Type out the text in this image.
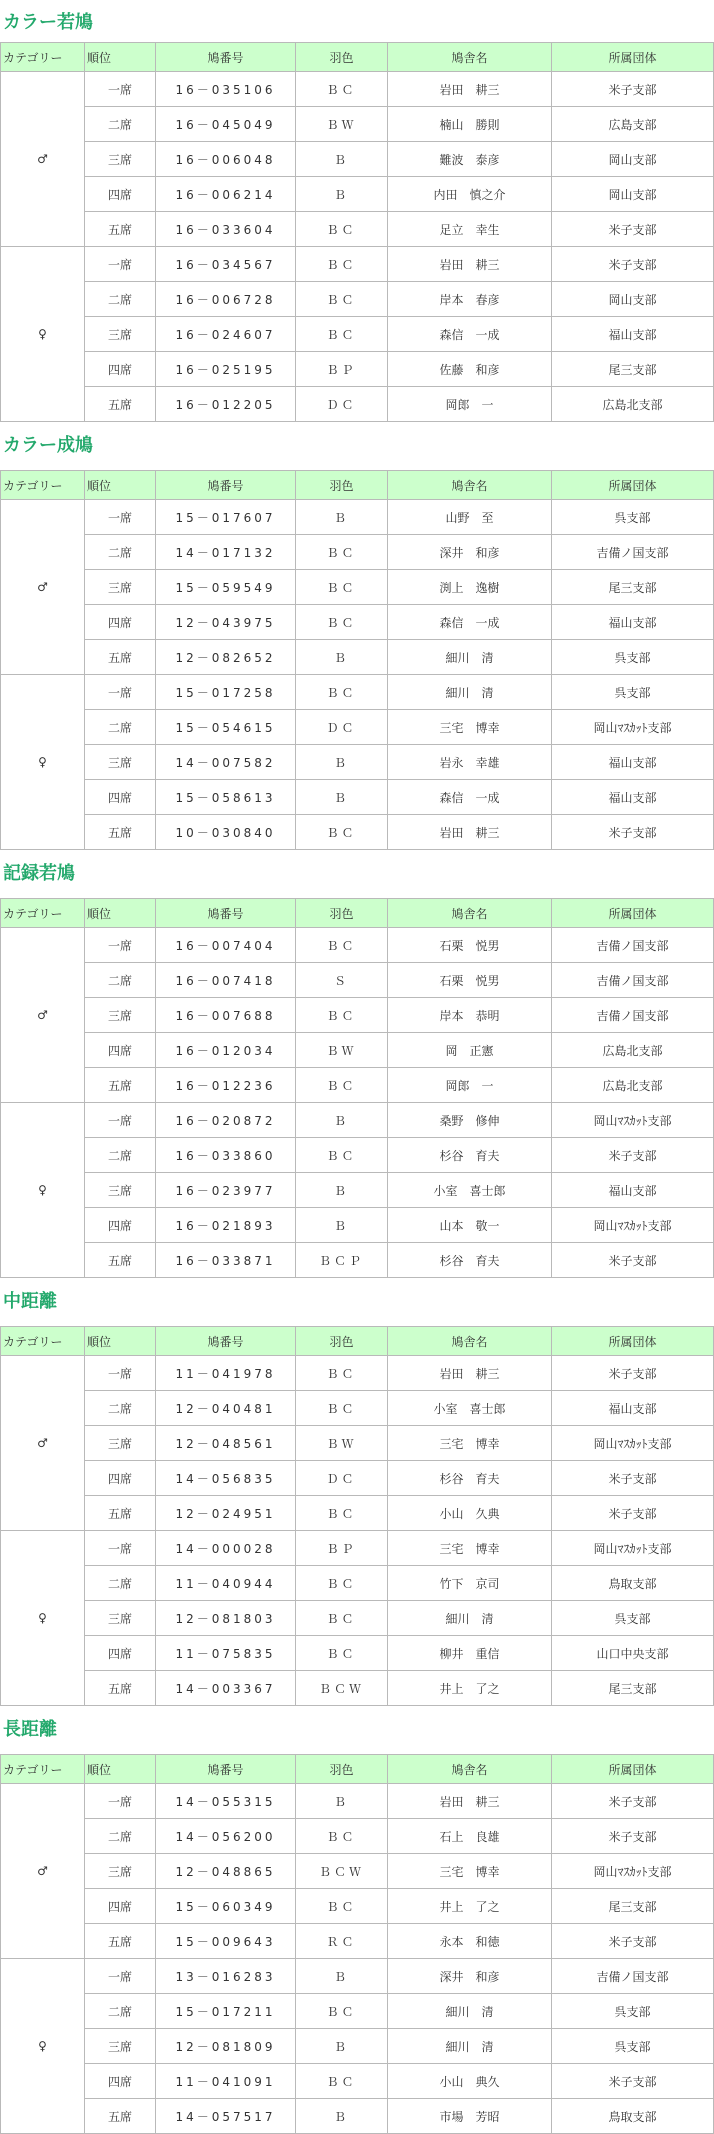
カラー若鳩
カテゴリー	順位	鳩番号	羽色	鳩舎名	所属団体
♂	一席	16－035106	ＢＣ	岩田　耕三	米子支部
	二席	16－045049	ＢＷ	楠山　勝則	広島支部
	三席	16－006048	Ｂ	難波　泰彦	岡山支部
	四席	16－006214	Ｂ	内田　慎之介	岡山支部
	五席	16－033604	ＢＣ	足立　幸生	米子支部
♀	一席	16－034567	ＢＣ	岩田　耕三	米子支部
	二席	16－006728	ＢＣ	岸本　春彦	岡山支部
	三席	16－024607	ＢＣ	森信　一成	福山支部
	四席	16－025195	ＢＰ	佐藤　和彦	尾三支部
	五席	16－012205	ＤＣ	岡郎　一	広島北支部
カラー成鳩
カテゴリー	順位	鳩番号	羽色	鳩舎名	所属団体
♂	一席	15－017607	Ｂ	山野　至	呉支部
	二席	14－017132	ＢＣ	深井　和彦	吉備ノ国支部
	三席	15－059549	ＢＣ	渕上　逸樹	尾三支部
	四席	12－043975	ＢＣ	森信　一成	福山支部
	五席	12－082652	Ｂ	細川　清	呉支部
♀	一席	15－017258	ＢＣ	細川　清	呉支部
	二席	15－054615	ＤＣ	三宅　博幸	岡山ﾏｽｶｯﾄ支部
	三席	14－007582	Ｂ	岩永　幸雄	福山支部
	四席	15－058613	Ｂ	森信　一成	福山支部
	五席	10－030840	ＢＣ	岩田　耕三	米子支部
記録若鳩
カテゴリー	順位	鳩番号	羽色	鳩舎名	所属団体
♂	一席	16－007404	ＢＣ	石栗　悦男	吉備ノ国支部
	二席	16－007418	Ｓ	石栗　悦男	吉備ノ国支部
	三席	16－007688	ＢＣ	岸本　恭明	吉備ノ国支部
	四席	16－012034	ＢＷ	岡　正憲	広島北支部
	五席	16－012236	ＢＣ	岡郎　一	広島北支部
♀	一席	16－020872	Ｂ	桑野　修伸	岡山ﾏｽｶｯﾄ支部
	二席	16－033860	ＢＣ	杉谷　育夫	米子支部
	三席	16－023977	Ｂ	小室　喜士郎	福山支部
	四席	16－021893	Ｂ	山本　敬一	岡山ﾏｽｶｯﾄ支部
	五席	16－033871	ＢＣＰ	杉谷　育夫	米子支部
中距離
カテゴリー	順位	鳩番号	羽色	鳩舎名	所属団体
♂	一席	11－041978	ＢＣ	岩田　耕三	米子支部
	二席	12－040481	ＢＣ	小室　喜士郎	福山支部
	三席	12－048561	ＢＷ	三宅　博幸	岡山ﾏｽｶｯﾄ支部
	四席	14－056835	ＤＣ	杉谷　育夫	米子支部
	五席	12－024951	ＢＣ	小山　久典	米子支部
♀	一席	14－000028	ＢＰ	三宅　博幸	岡山ﾏｽｶｯﾄ支部
	二席	11－040944	ＢＣ	竹下　京司	鳥取支部
	三席	12－081803	ＢＣ	細川　清	呉支部
	四席	11－075835	ＢＣ	柳井　重信	山口中央支部
	五席	14－003367	ＢＣＷ	井上　了之	尾三支部
長距離
カテゴリー	順位	鳩番号	羽色	鳩舎名	所属団体
♂	一席	14－055315	Ｂ	岩田　耕三	米子支部
	二席	14－056200	ＢＣ	石上　良雄	米子支部
	三席	12－048865	ＢＣＷ	三宅　博幸	岡山ﾏｽｶｯﾄ支部
	四席	15－060349	ＢＣ	井上　了之	尾三支部
	五席	15－009643	ＲＣ	永本　和徳	米子支部
♀	一席	13－016283	Ｂ	深井　和彦	吉備ノ国支部
	二席	15－017211	ＢＣ	細川　清	呉支部
	三席	12－081809	Ｂ	細川　清	呉支部
	四席	11－041091	ＢＣ	小山　典久	米子支部
	五席	14－057517	Ｂ	市場　芳昭	鳥取支部
